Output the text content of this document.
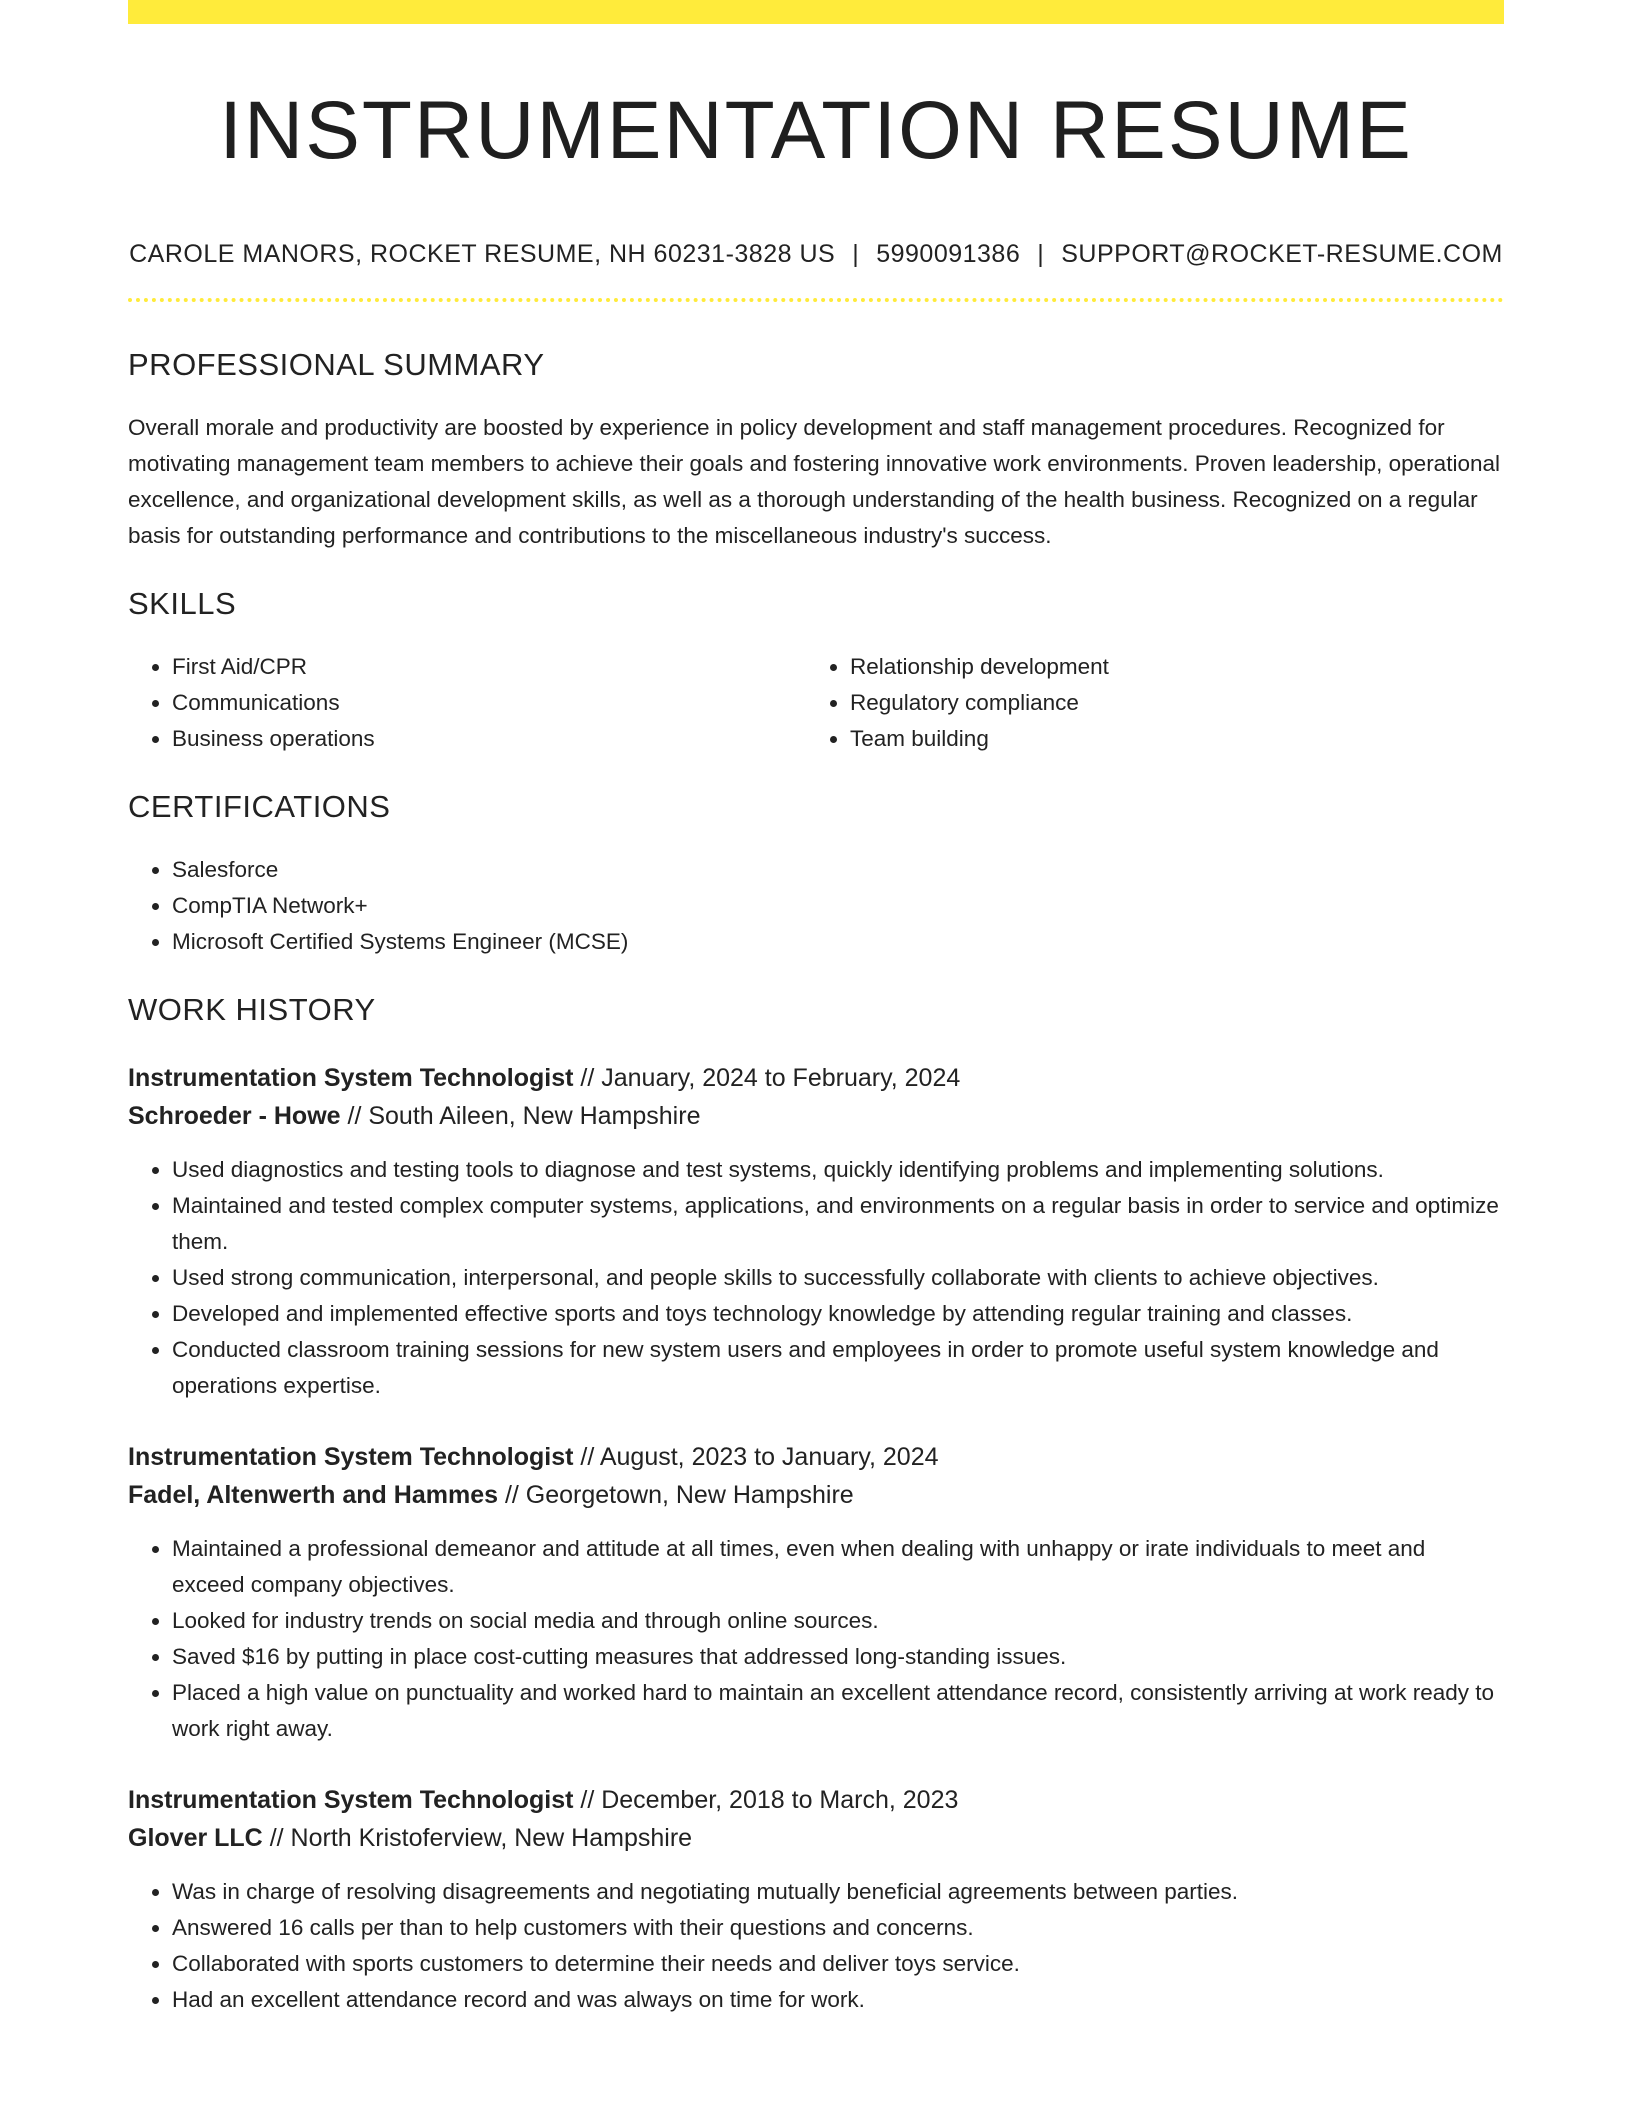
INSTRUMENTATION RESUME
CAROLE MANORS, ROCKET RESUME, NH 60231-3828 US | 5990091386 | SUPPORT@ROCKET-RESUME.COM
PROFESSIONAL SUMMARY

Overall morale and productivity are boosted by experience in policy development and staff management procedures. Recognized for motivating management team members to achieve their goals and fostering innovative work environments. Proven leadership, operational excellence, and organizational development skills, as well as a thorough understanding of the health business. Recognized on a regular basis for outstanding performance and contributions to the miscellaneous industry's success.

SKILLS
• First Aid/CPR
• Communications
• Business operations
• Relationship development
• Regulatory compliance
• Team building
CERTIFICATIONS
• Salesforce
• CompTIA Network+
• Microsoft Certified Systems Engineer (MCSE)
WORK HISTORY
Instrumentation System Technologist // January, 2024 to February, 2024
Schroeder - Howe // South Aileen, New Hampshire
• Used diagnostics and testing tools to diagnose and test systems, quickly identifying problems and implementing solutions.
• Maintained and tested complex computer systems, applications, and environments on a regular basis in order to service and optimize them.
• Used strong communication, interpersonal, and people skills to successfully collaborate with clients to achieve objectives.
• Developed and implemented effective sports and toys technology knowledge by attending regular training and classes.
• Conducted classroom training sessions for new system users and employees in order to promote useful system knowledge and operations expertise.
Instrumentation System Technologist // August, 2023 to January, 2024
Fadel, Altenwerth and Hammes // Georgetown, New Hampshire
• Maintained a professional demeanor and attitude at all times, even when dealing with unhappy or irate individuals to meet and exceed company objectives.
• Looked for industry trends on social media and through online sources.
• Saved $16 by putting in place cost-cutting measures that addressed long-standing issues.
• Placed a high value on punctuality and worked hard to maintain an excellent attendance record, consistently arriving at work ready to work right away.
Instrumentation System Technologist // December, 2018 to March, 2023
Glover LLC // North Kristoferview, New Hampshire
• Was in charge of resolving disagreements and negotiating mutually beneficial agreements between parties.
• Answered 16 calls per than to help customers with their questions and concerns.
• Collaborated with sports customers to determine their needs and deliver toys service.
• Had an excellent attendance record and was always on time for work.
